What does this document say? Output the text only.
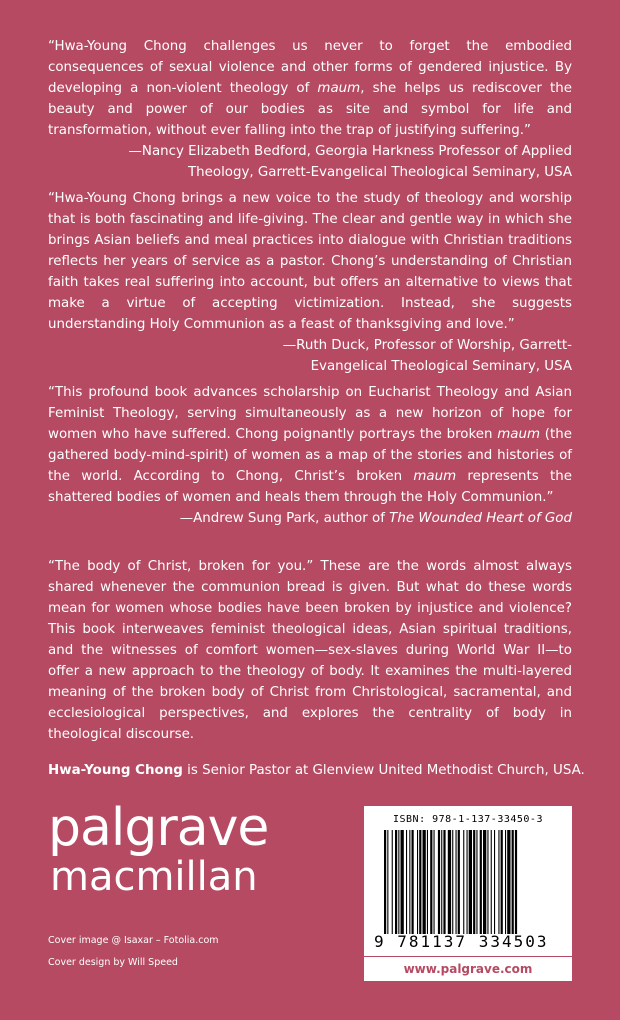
“Hwa-Young Chong challenges us never to forget the embodied consequences of sexual violence and other forms of gendered injustice. By developing a non-violent theology of maum, she helps us rediscover the beauty and power of our bodies as site and symbol for life and transformation, without ever falling into the trap of justifying suffering.”

—Nancy Elizabeth Bedford, Georgia Harkness Professor of Applied
Theology, Garrett-Evangelical Theological Seminary, USA

“Hwa-Young Chong brings a new voice to the study of theology and worship that is both fascinating and life-giving. The clear and gentle way in which she brings Asian beliefs and meal practices into dialogue with Christian traditions reflects her years of service as a pastor. Chong’s understanding of Christian faith takes real suffering into account, but offers an alternative to views that make a virtue of accepting victimization. Instead, she suggests understanding Holy Communion as a feast of thanksgiving and love.”

—Ruth Duck, Professor of Worship, Garrett-
Evangelical Theological Seminary, USA

“This profound book advances scholarship on Eucharist Theology and Asian Feminist Theology, serving simultaneously as a new horizon of hope for women who have suffered. Chong poignantly portrays the broken maum (the gathered body-mind-spirit) of women as a map of the stories and histories of the world. According to Chong, Christ’s broken maum represents the shattered bodies of women and heals them through the Holy Communion.”

—Andrew Sung Park, author of The Wounded Heart of God

“The body of Christ, broken for you.” These are the words almost always shared whenever the communion bread is given. But what do these words mean for women whose bodies have been broken by injustice and violence? This book interweaves feminist theological ideas, Asian spiritual traditions, and the witnesses of comfort women—sex-slaves during World War II—to offer a new approach to the theology of body. It examines the multi-layered meaning of the broken body of Christ from Christological, sacramental, and ecclesiological perspectives, and explores the centrality of body in theological discourse.

Hwa-Young Chong is Senior Pastor at Glenview United Methodist Church, USA.
palgrave
macmillan
Cover image @ Isaxar – Fotolia.com
Cover design by Will Speed
ISBN: 978-1-137-33450-3
9 781137 334503
www.palgrave.com
